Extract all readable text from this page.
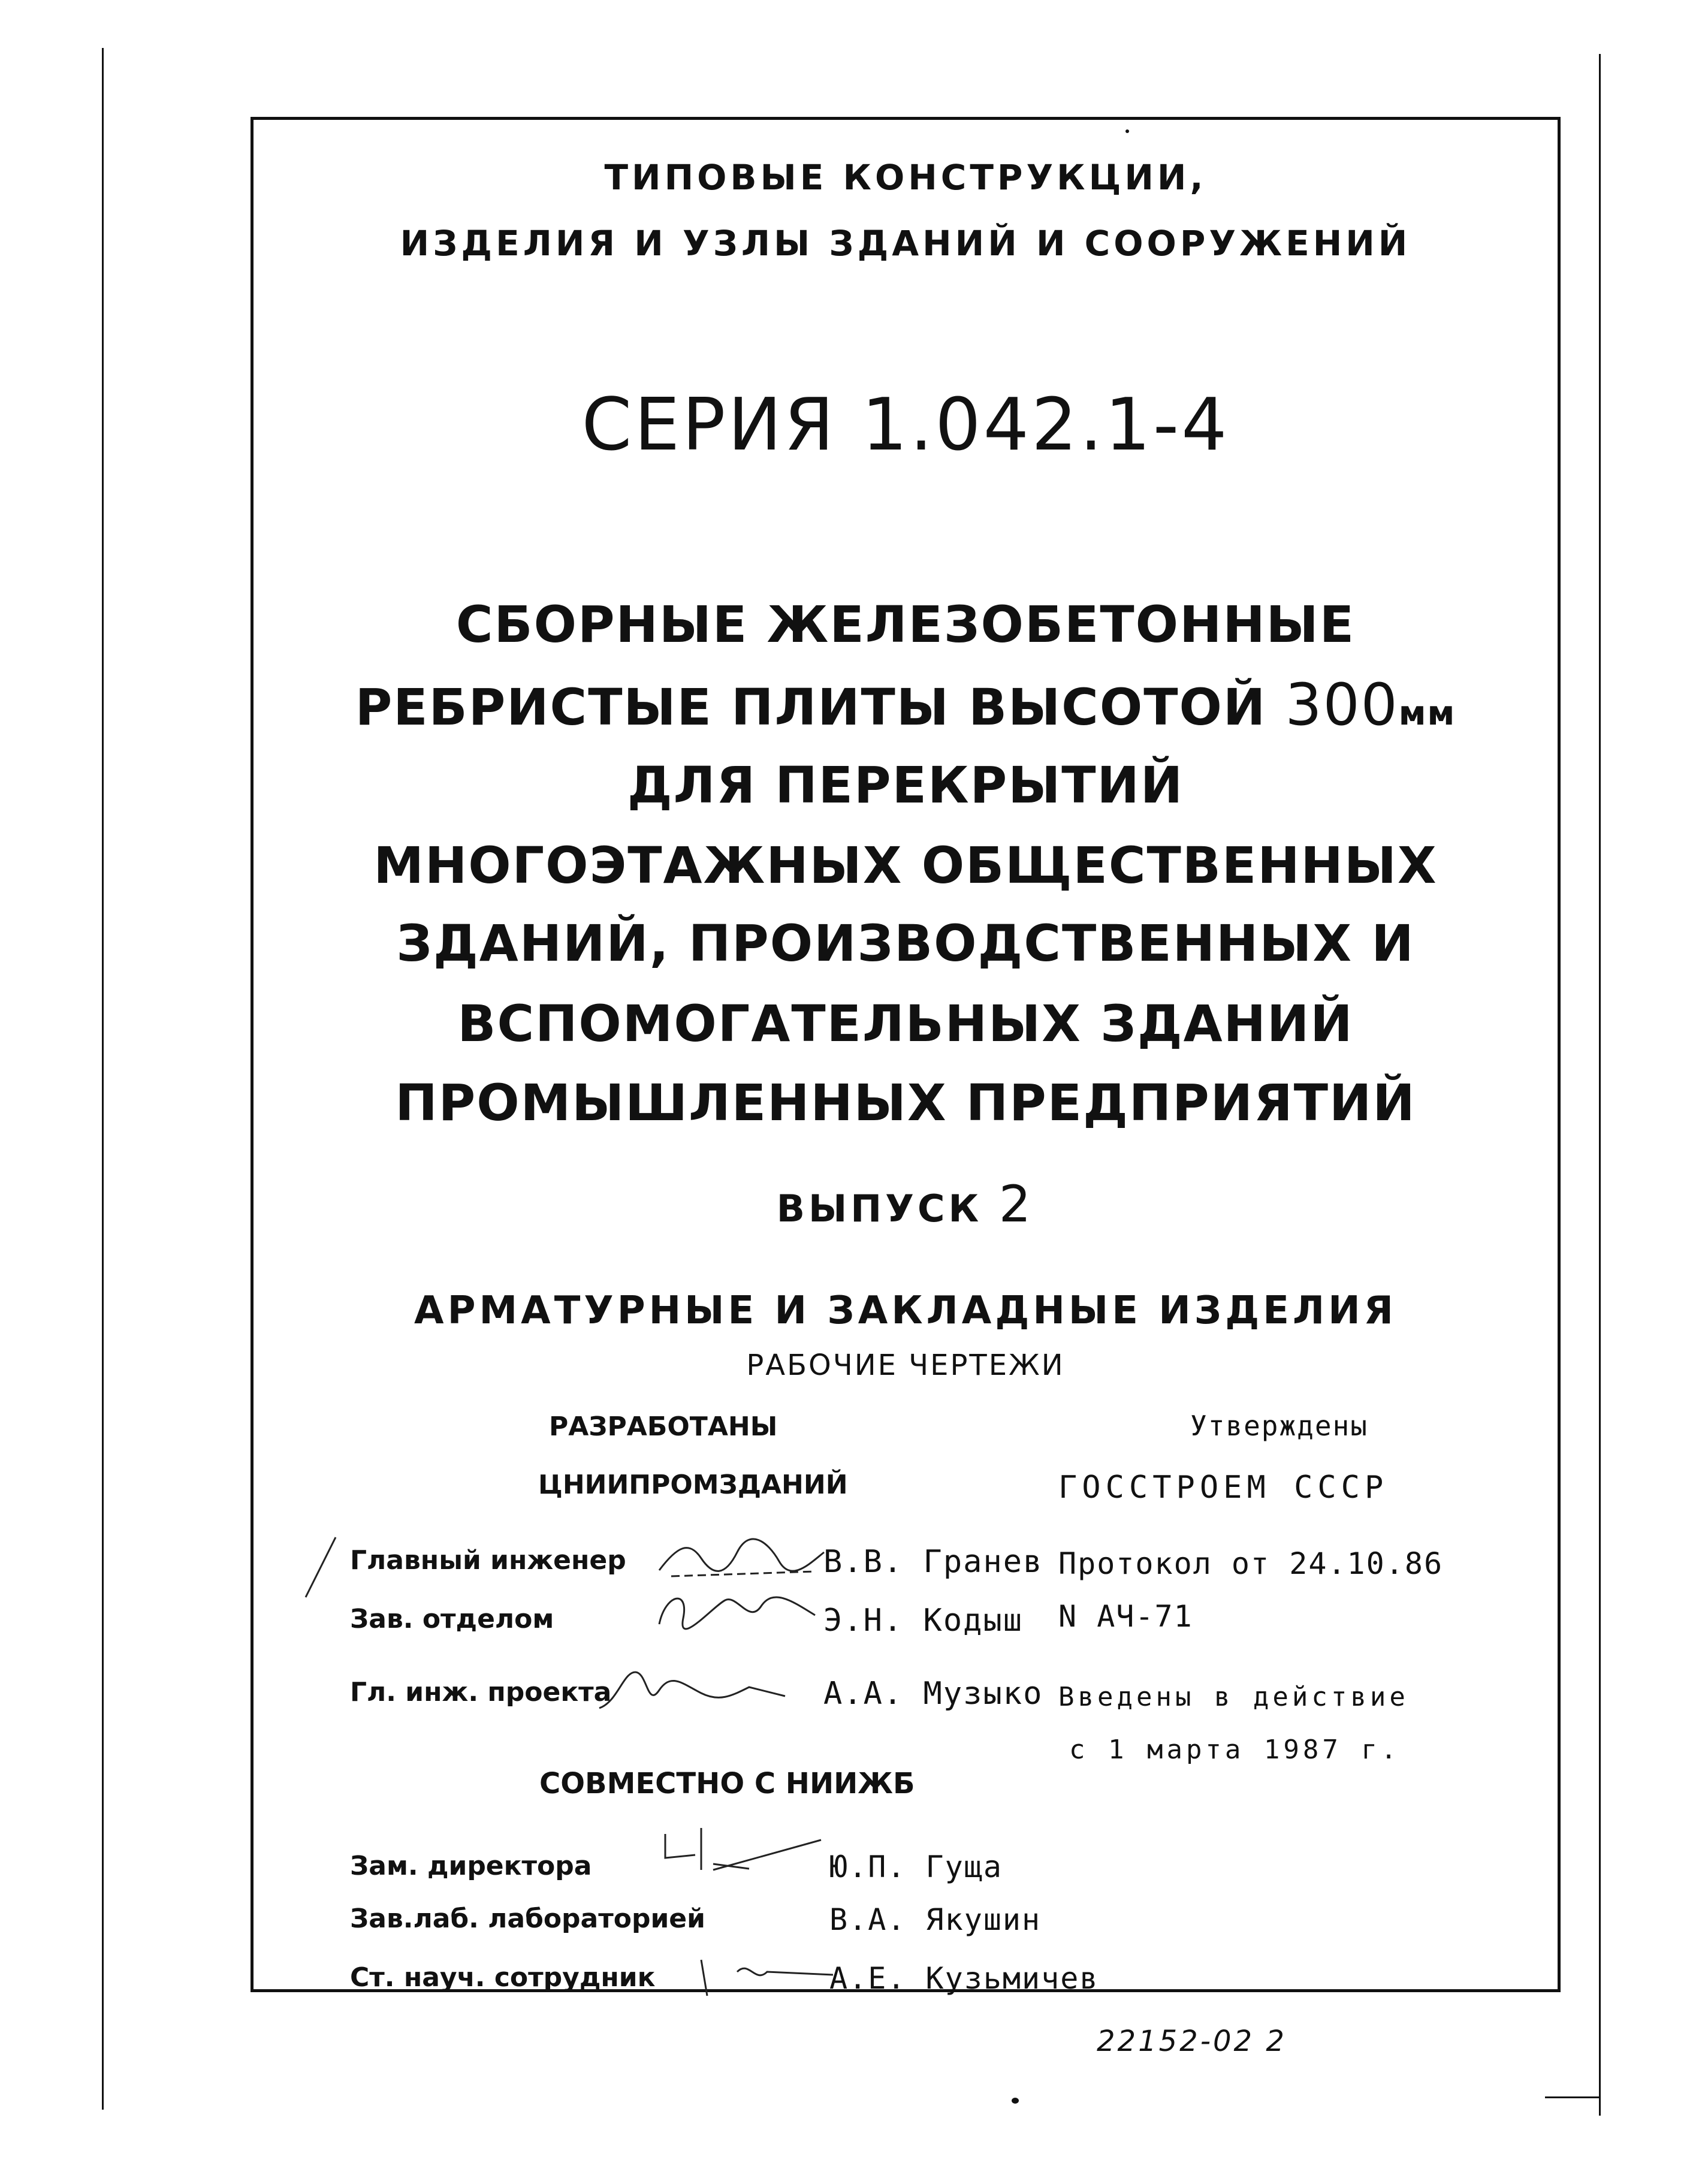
ТИПОВЫЕ КОНСТРУКЦИИ,
ИЗДЕЛИЯ И УЗЛЫ ЗДАНИЙ И СООРУЖЕНИЙ
СЕРИЯ 1.042.1-4
СБОРНЫЕ ЖЕЛЕЗОБЕТОННЫЕ
РЕБРИСТЫЕ ПЛИТЫ ВЫСОТОЙ 300мм
ДЛЯ ПЕРЕКРЫТИЙ
МНОГОЭТАЖНЫХ ОБЩЕСТВЕННЫХ
ЗДАНИЙ, ПРОИЗВОДСТВЕННЫХ И
ВСПОМОГАТЕЛЬНЫХ ЗДАНИЙ
ПРОМЫШЛЕННЫХ ПРЕДПРИЯТИЙ
ВЫПУСК 2
АРМАТУРНЫЕ И ЗАКЛАДНЫЕ ИЗДЕЛИЯ
РАБОЧИЕ ЧЕРТЕЖИ
РАЗРАБОТАНЫ	Утверждены
ЦНИИПРОМЗДАНИЙ	ГОССТРОЕМ СССР
Главный инженер	В.В. Гранев
Зав. отделом	Э.Н. Кодыш
Гл. инж. проекта	А.А. Музыко
Протокол от 24.10.86
N АЧ-71
Введены в действие
с 1 марта 1987 г.
СОВМЕСТНО С НИИЖБ
Зам. директора	Ю.П. Гуща
Зав.лаб. лабораторией	В.А. Якушин
Ст. науч. сотрудник	А.Е. Кузьмичев
22152-02 2
